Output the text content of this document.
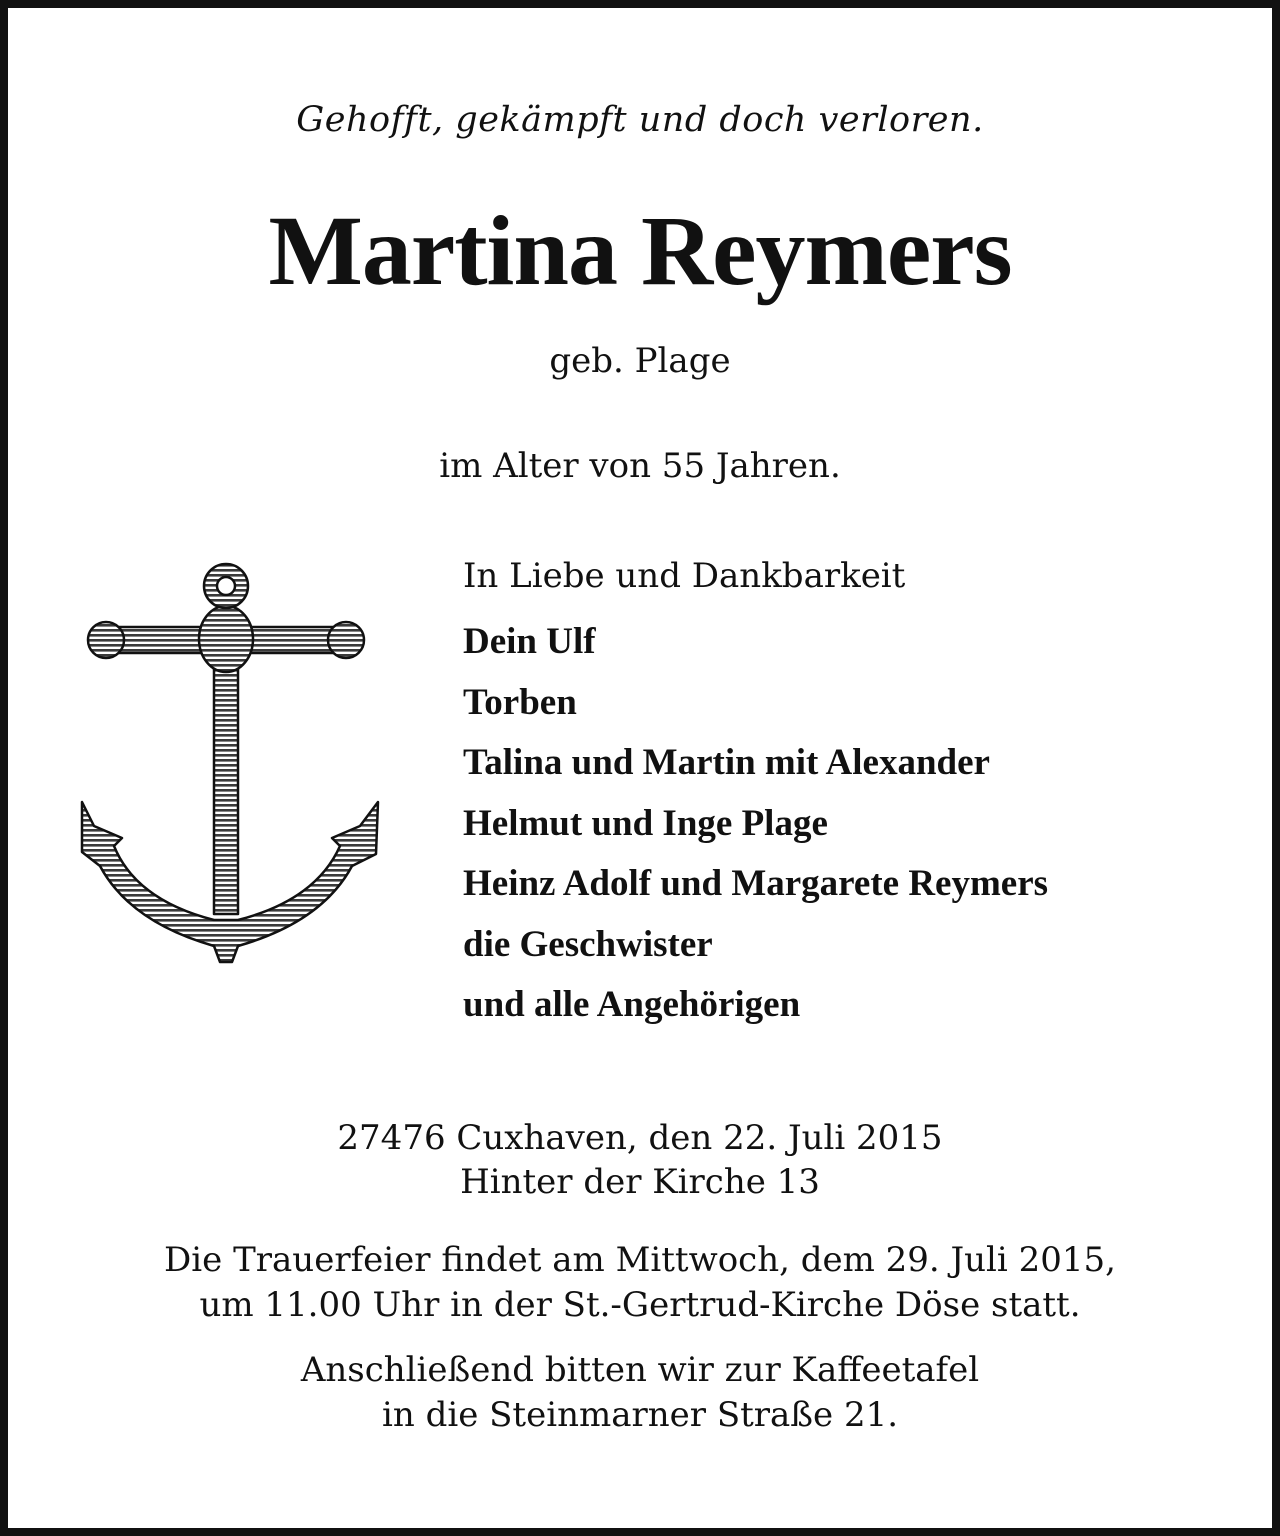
Gehofft, gekämpft und doch verloren.
Martina Reymers
geb. Plage
im Alter von 55 Jahren.
In Liebe und Dankbarkeit
Dein Ulf
Torben
Talina und Martin mit Alexander
Helmut und Inge Plage
Heinz Adolf und Margarete Reymers
die Geschwister
und alle Angehörigen
27476 Cuxhaven, den 22. Juli 2015
Hinter der Kirche 13
Die Trauerfeier findet am Mittwoch, dem 29. Juli 2015,
um 11.00 Uhr in der St.-Gertrud-Kirche Döse statt.
Anschließend bitten wir zur Kaffeetafel
in die Steinmarner Straße 21.
